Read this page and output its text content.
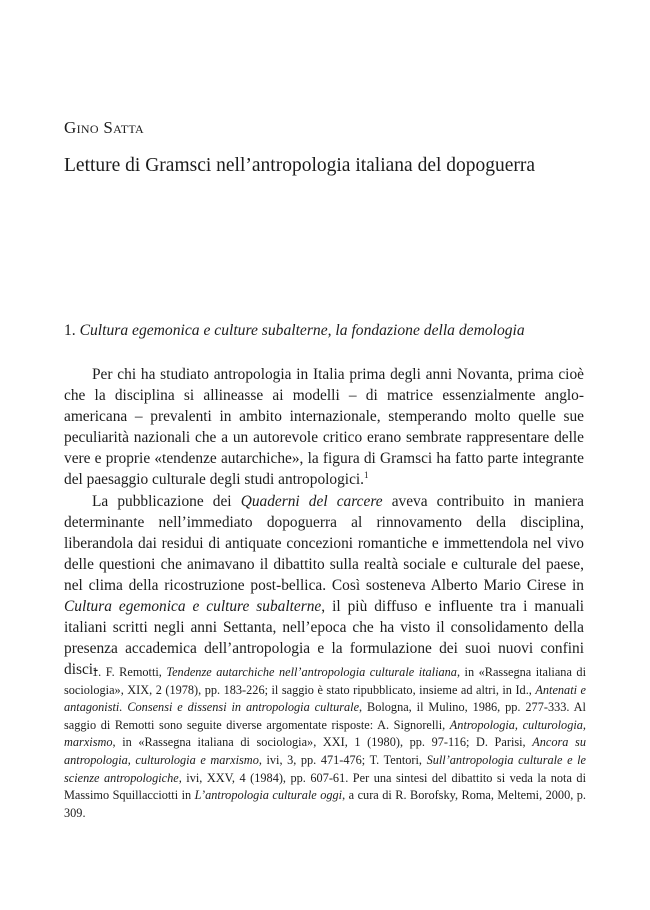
Gino Satta
Letture di Gramsci nell’antropologia italiana del dopoguerra
1. Cultura egemonica e culture subalterne, la fondazione della demologia

Per chi ha studiato antropologia in Italia prima degli anni Novanta, prima cioè che la disciplina si allineasse ai modelli – di matrice essenzialmente anglo-americana – prevalenti in ambito internazionale, stemperando molto quelle sue peculiarità nazionali che a un autorevole critico erano sembrate rappresentare delle vere e proprie «tendenze autarchiche», la figura di Gramsci ha fatto parte integrante del paesaggio culturale degli studi antropologici.$^1$

La pubblicazione dei Quaderni del carcere aveva contribuito in maniera determinante nell’immediato dopoguerra al rinnovamento della disciplina, liberandola dai residui di antiquate concezioni romantiche e immettendola nel vivo delle questioni che animavano il dibattito sulla realtà sociale e culturale del paese, nel clima della ricostruzione post-bellica. Così sosteneva Alberto Mario Cirese in Cultura egemonica e culture subalterne, il più diffuso e influente tra i manuali italiani scritti negli anni Settanta, nell’epoca che ha visto il consolidamento della presenza accademica dell’antropologia e la formulazione dei suoi nuovi confini disci-

1. F. Remotti, Tendenze autarchiche nell’antropologia culturale italiana, in «Rassegna italiana di sociologia», XIX, 2 (1978), pp. 183-226; il saggio è stato ripubblicato, insieme ad altri, in Id., Antenati e antagonisti. Consensi e dissensi in antropologia culturale, Bologna, il Mulino, 1986, pp. 277-333. Al saggio di Remotti sono seguite diverse argomentate risposte: A. Signorelli, Antropologia, culturologia, marxismo, in «Rassegna italiana di sociologia», XXI, 1 (1980), pp. 97-116; D. Parisi, Ancora su antropologia, culturologia e marxismo, ivi, 3, pp. 471-476; T. Tentori, Sull’antropologia culturale e le scienze antropologiche, ivi, XXV, 4 (1984), pp. 607-61. Per una sintesi del dibattito si veda la nota di Massimo Squillacciotti in L’antropologia culturale oggi, a cura di R. Borofsky, Roma, Meltemi, 2000, p. 309.
